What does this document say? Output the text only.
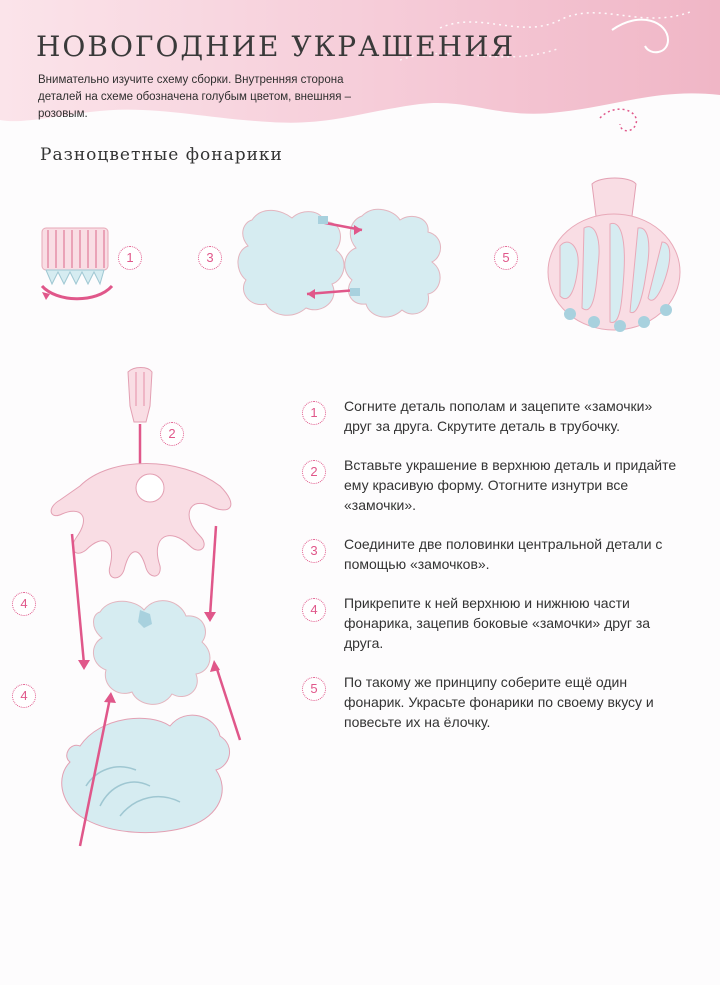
НОВОГОДНИЕ УКРАШЕНИЯ

Внимательно изучите схему сборки. Внутренняя сторона деталей на схеме обозначена голубым цветом, внешняя – розовым.

Разноцветные фонарики
1	3	5
2
4
4
1	Согните деталь пополам и зацепите «замочки» друг за друга. Скрутите деталь в трубочку.

2	Вставьте украшение в верхнюю деталь и придайте ему красивую форму. Отогните изнутри все «замочки».

3	Соедините две половинки центральной детали с помощью «замочков».

4	Прикрепите к ней верхнюю и нижнюю части фонарика, зацепив боковые «замочки» друг за друга.

5	По такому же принципу соберите ещё один фонарик. Украсьте фонарики по своему вкусу и повесьте их на ёлочку.
